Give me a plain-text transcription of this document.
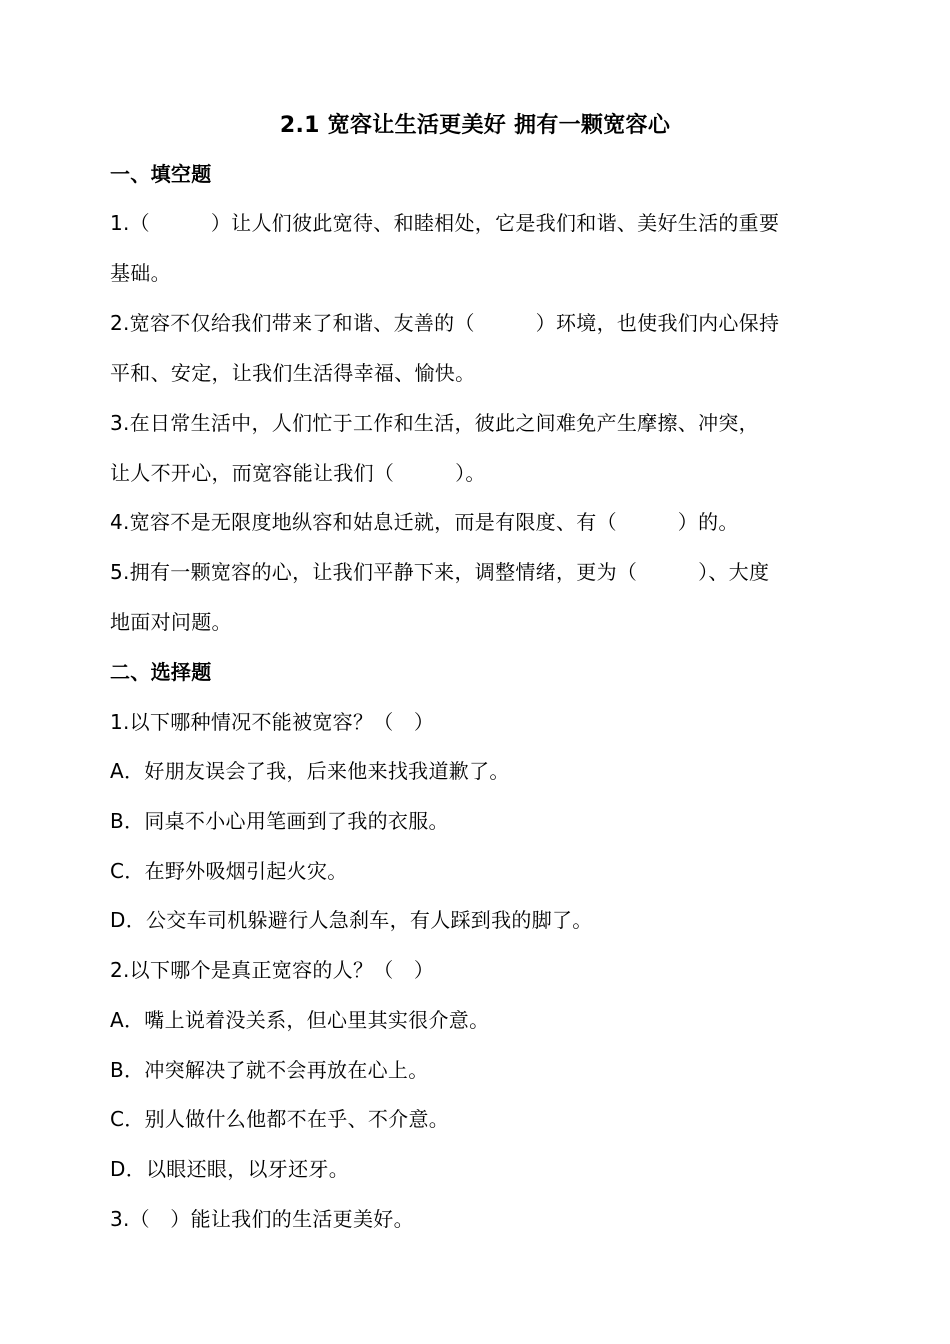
2.1 宽容让生活更美好 拥有一颗宽容心
一、填空题
1.（　　　）让人们彼此宽待、和睦相处，它是我们和谐、美好生活的重要
基础。
2.宽容不仅给我们带来了和谐、友善的（　　　）环境，也使我们内心保持
平和、安定，让我们生活得幸福、愉快。
3.在日常生活中，人们忙于工作和生活，彼此之间难免产生摩擦、冲突，
让人不开心，而宽容能让我们（　　　）。
4.宽容不是无限度地纵容和姑息迁就，而是有限度、有（　　　）的。
5.拥有一颗宽容的心，让我们平静下来，调整情绪，更为（　　　）、大度
地面对问题。
二、选择题
1.以下哪种情况不能被宽容？（　）
A．好朋友误会了我，后来他来找我道歉了。
B．同桌不小心用笔画到了我的衣服。
C．在野外吸烟引起火灾。
D．公交车司机躲避行人急刹车，有人踩到我的脚了。
2.以下哪个是真正宽容的人？（　）
A．嘴上说着没关系，但心里其实很介意。
B．冲突解决了就不会再放在心上。
C．别人做什么他都不在乎、不介意。
D．以眼还眼，以牙还牙。
3.（　）能让我们的生活更美好。
